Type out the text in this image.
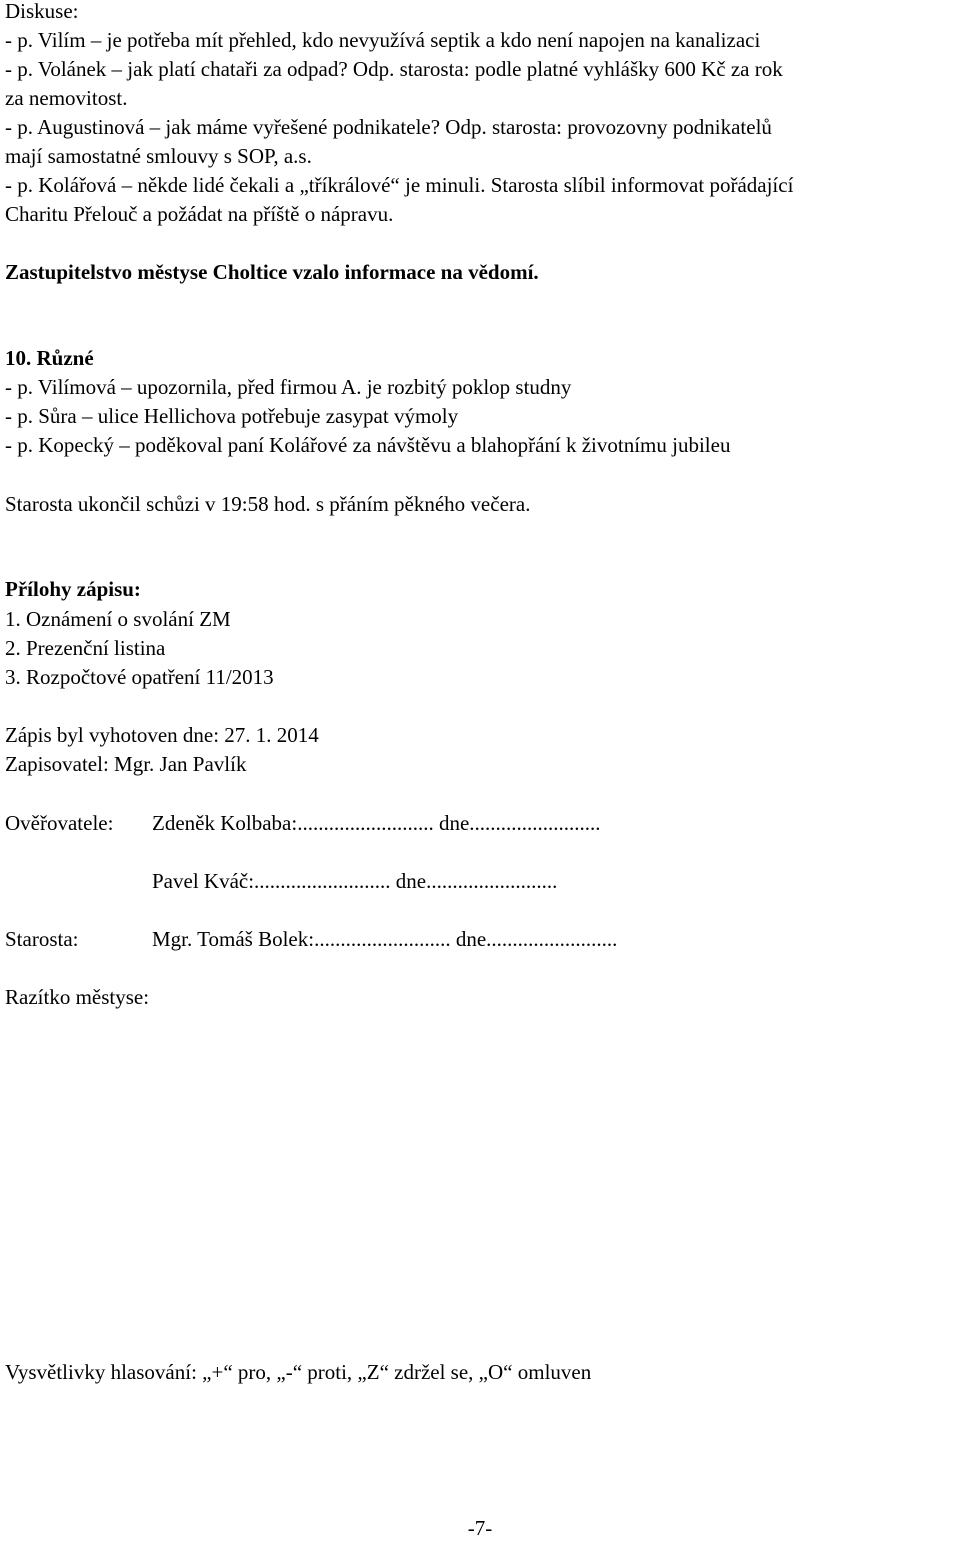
Diskuse:
- p. Vilím – je potřeba mít přehled, kdo nevyužívá septik a kdo není napojen na kanalizaci
- p. Volánek – jak platí chataři za odpad? Odp. starosta: podle platné vyhlášky 600 Kč za rok
za nemovitost.
- p. Augustinová – jak máme vyřešené podnikatele? Odp. starosta: provozovny podnikatelů
mají samostatné smlouvy s SOP, a.s.
- p. Kolářová – někde lidé čekali a „tříkrálové“ je minuli. Starosta slíbil informovat pořádající
Charitu Přelouč a požádat na příště o nápravu.
Zastupitelstvo městyse Choltice vzalo informace na vědomí.
10. Různé
- p. Vilímová – upozornila, před firmou A. je rozbitý poklop studny
- p. Sůra – ulice Hellichova potřebuje zasypat výmoly
- p. Kopecký – poděkoval paní Kolářové za návštěvu a blahopřání k životnímu jubileu
Starosta ukončil schůzi v 19:58 hod. s přáním pěkného večera.
Přílohy zápisu:
1. Oznámení o svolání ZM
2. Prezenční listina
3. Rozpočtové opatření 11/2013
Zápis byl vyhotoven dne: 27. 1. 2014
Zapisovatel: Mgr. Jan Pavlík
Ověřovatele: Zdeněk Kolbaba:.......................... dne.........................
Pavel Kváč:.......................... dne.........................
Starosta:	Mgr. Tomáš Bolek:.......................... dne.........................
Razítko městyse:
Vysvětlivky hlasování: „+“ pro, „-“ proti, „Z“ zdržel se, „O“ omluven
-7-
